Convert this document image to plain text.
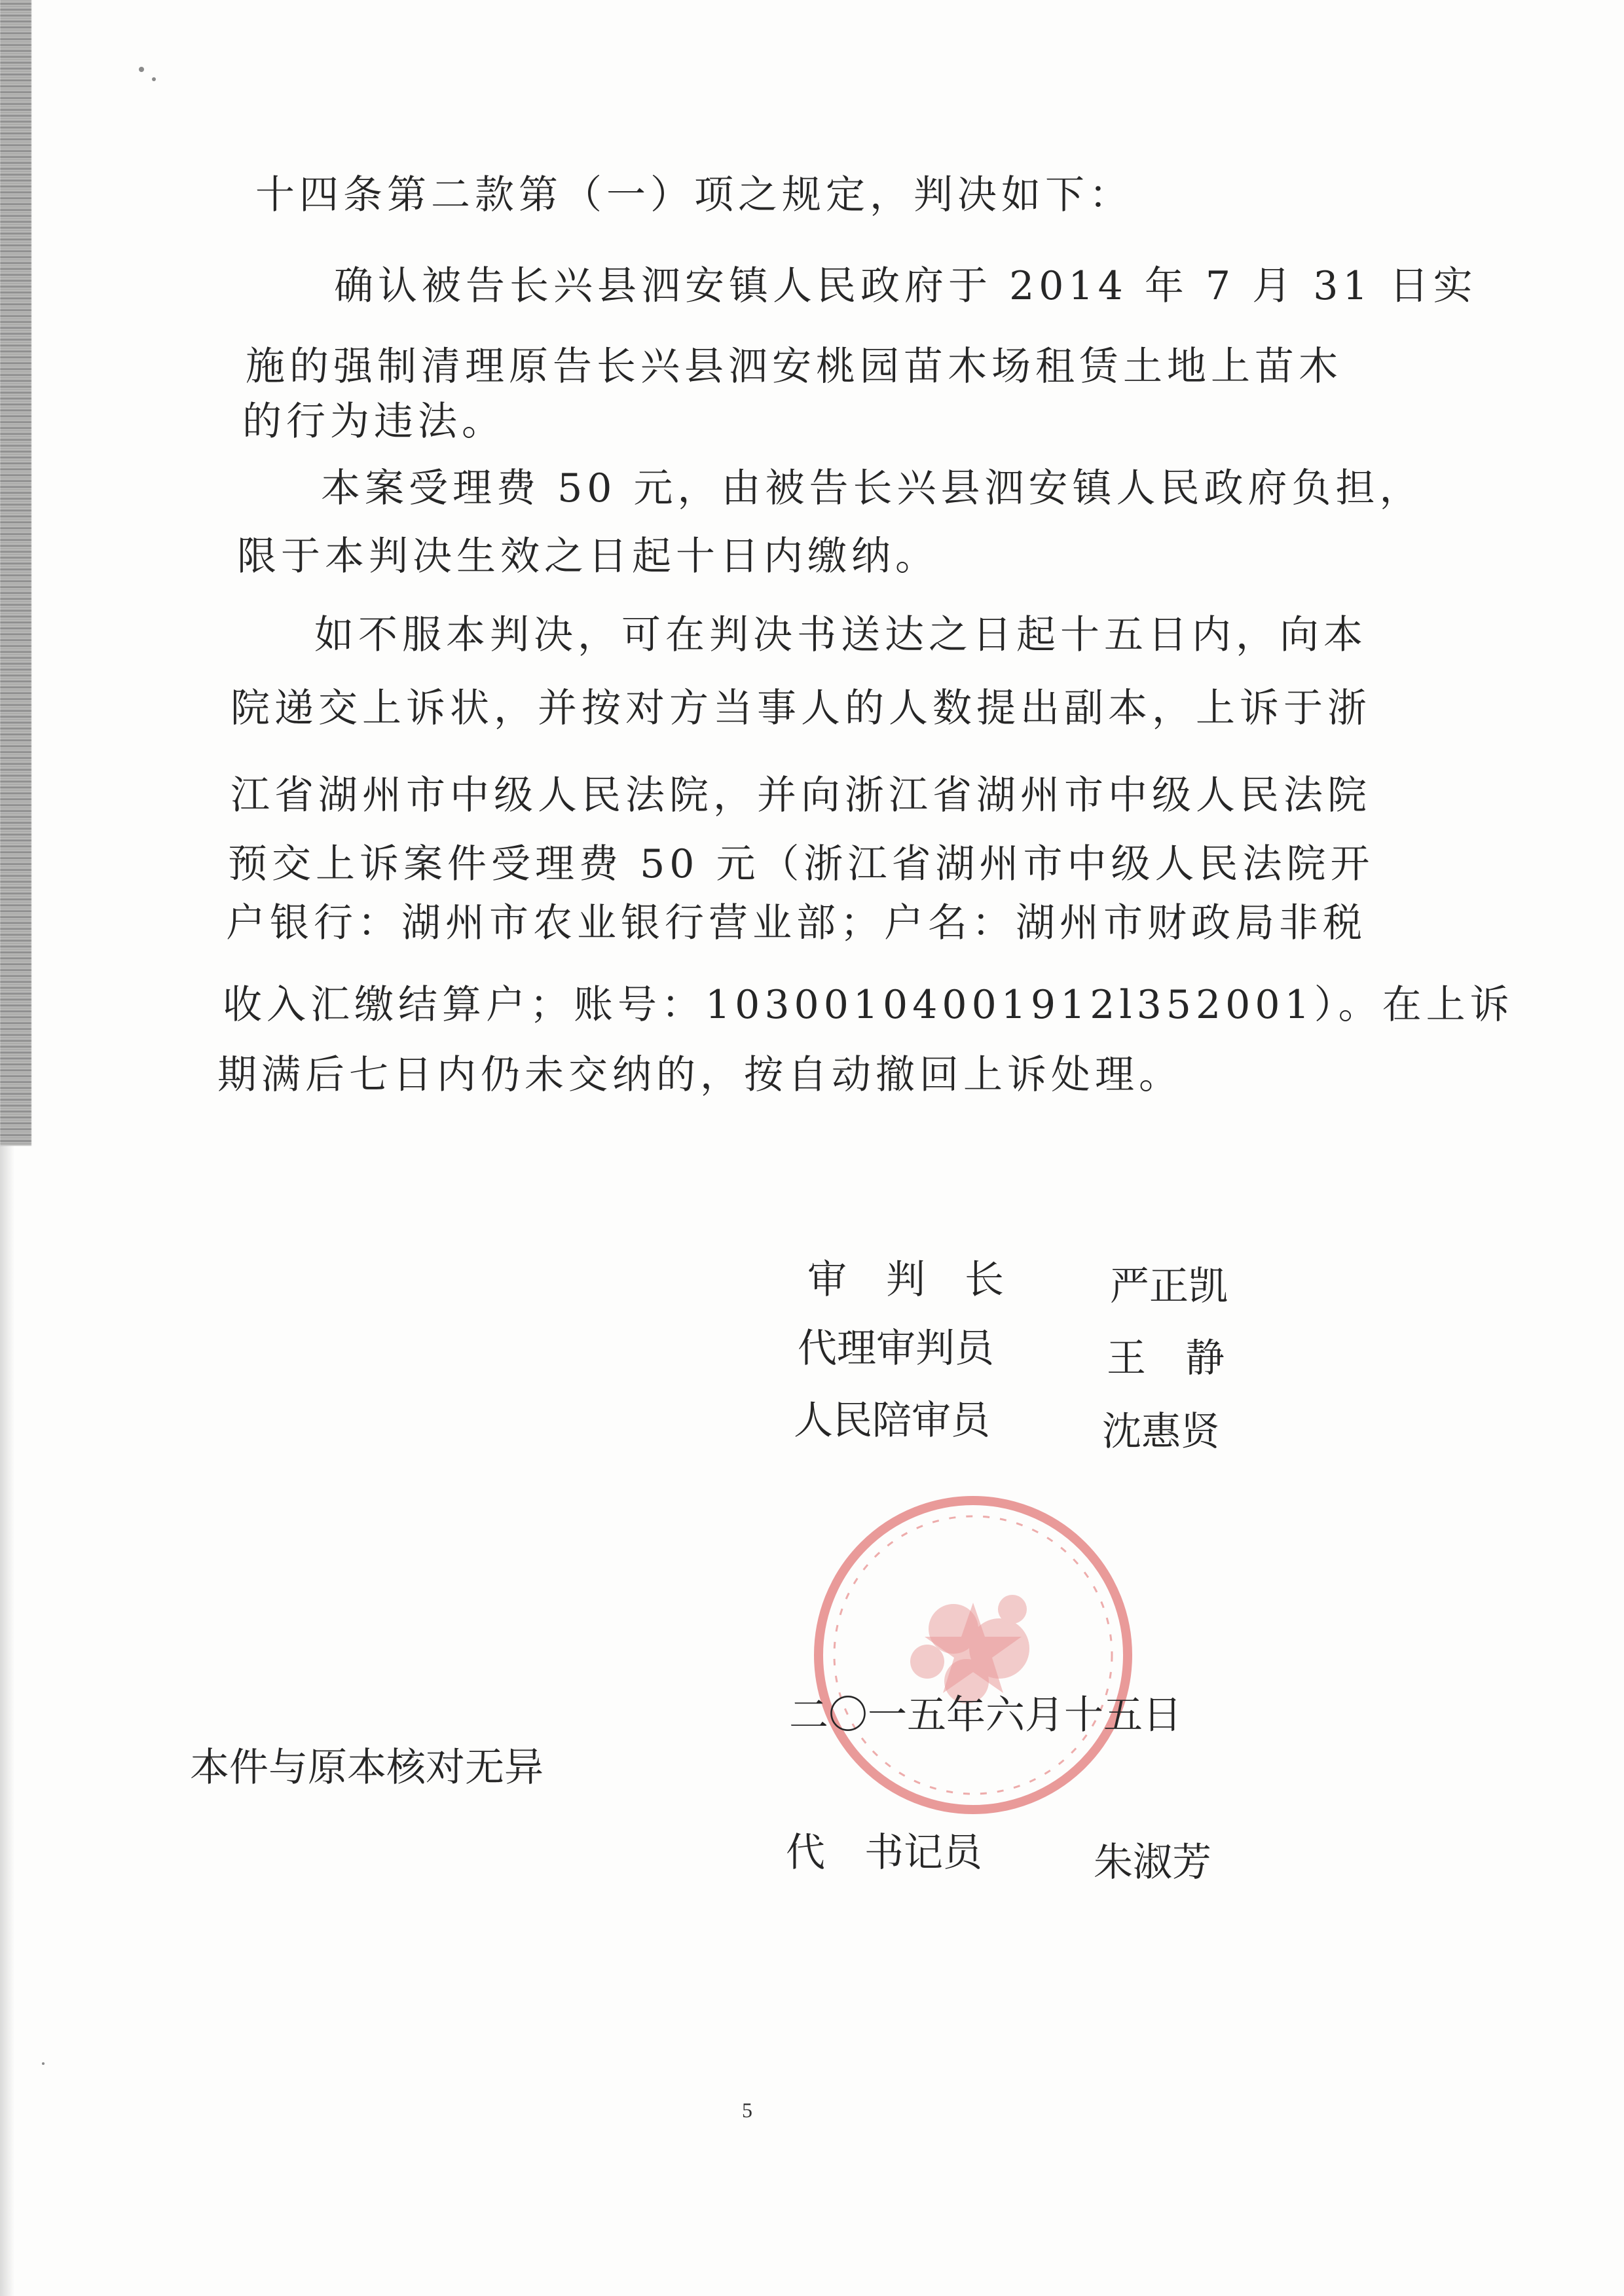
十四条第二款第（一）项之规定，判决如下：
确认被告长兴县泗安镇人民政府于 2014 年 7 月 31 日实
施的强制清理原告长兴县泗安桃园苗木场租赁土地上苗木
的行为违法。
本案受理费 50 元，由被告长兴县泗安镇人民政府负担，
限于本判决生效之日起十日内缴纳。
如不服本判决，可在判决书送达之日起十五日内，向本
院递交上诉状，并按对方当事人的人数提出副本，上诉于浙
江省湖州市中级人民法院，并向浙江省湖州市中级人民法院
预交上诉案件受理费 50 元（浙江省湖州市中级人民法院开
户银行：湖州市农业银行营业部；户名：湖州市财政局非税
收入汇缴结算户；账号：10300104001912l352001）。在上诉
期满后七日内仍未交纳的，按自动撤回上诉处理。
审　判　长	严正凯
代理审判员	王　静
人民陪审员	沈惠贤
二〇一五年六月十五日
本件与原本核对无异
代　书记员	朱淑芳
5
